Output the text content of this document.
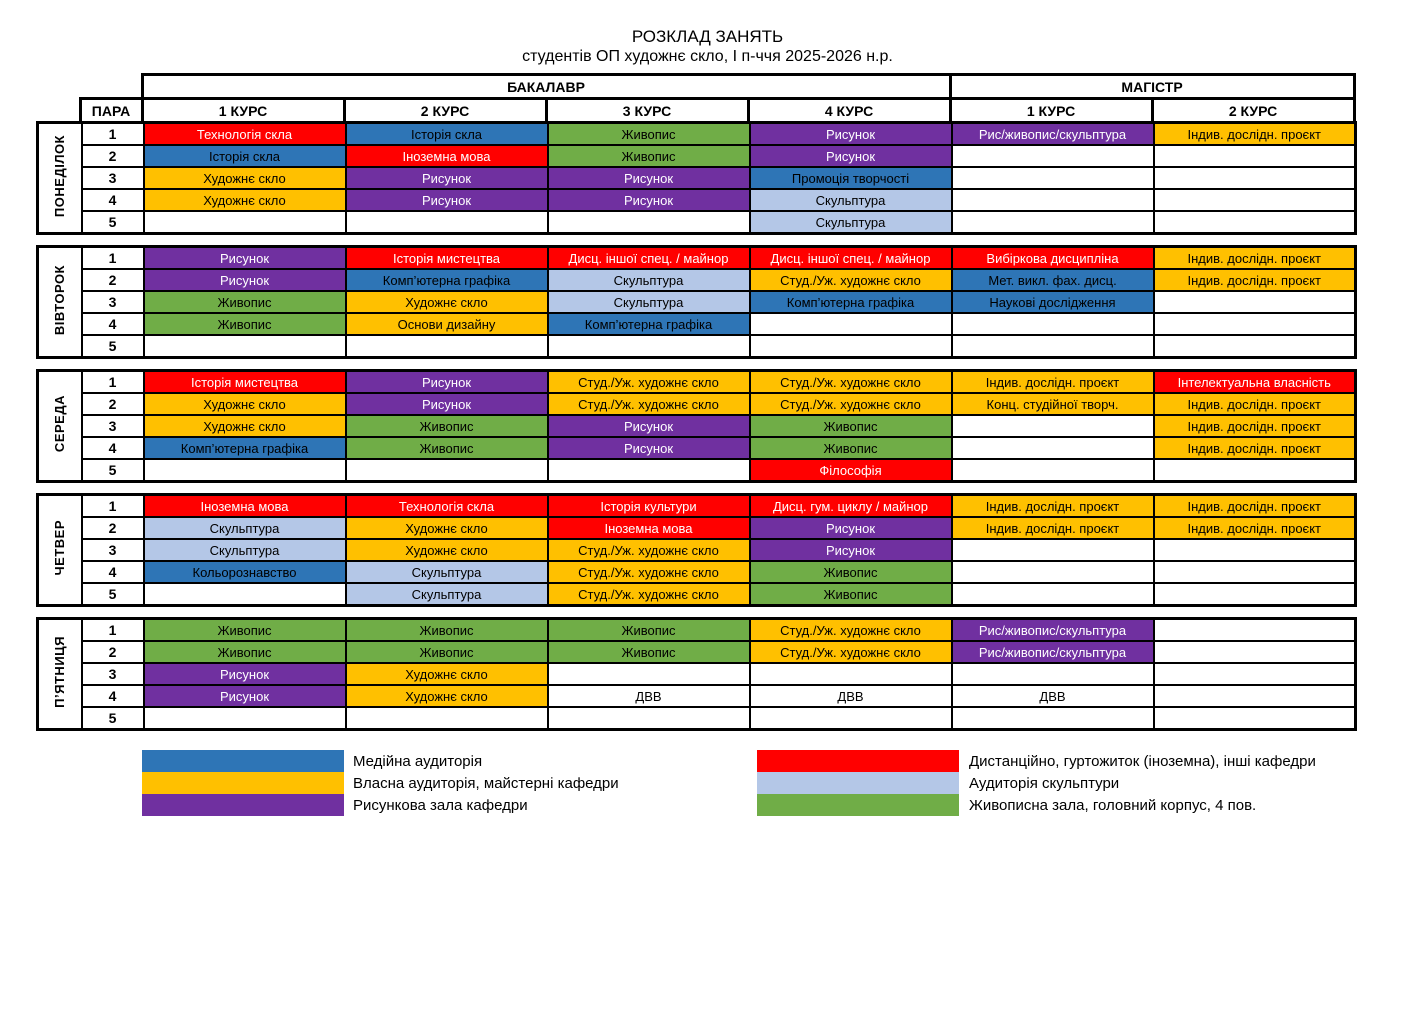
РОЗКЛАД ЗАНЯТЬ
студентів ОП художнє скло, І п-ччя 2025-2026 н.р.
		БАКАЛАВР				МАГІСТР	
	ПАРА	1 КУРС	2 КУРС	3 КУРС	4 КУРС	1 КУРС	2 КУРС
ПОНЕДІЛОК	1	Технологія скла	Історія скла	Живопис	Рисунок	Рис/живопис/скульптура	Індив. дослідн. проєкт
	2	Історія скла	Іноземна мова	Живопис	Рисунок		
	3	Художнє скло	Рисунок	Рисунок	Промоція творчості		
	4	Художнє скло	Рисунок	Рисунок	Скульптура		
	5				Скульптура		
ВІВТОРОК	1	Рисунок	Історія мистецтва	Дисц. іншої спец. / майнор	Дисц. іншої спец. / майнор	Вибіркова дисципліна	Індив. дослідн. проєкт
	2	Рисунок	Комп’ютерна графіка	Скульптура	Студ./Уж. художнє скло	Мет. викл. фах. дисц.	Індив. дослідн. проєкт
	3	Живопис	Художнє скло	Скульптура	Комп’ютерна графіка	Наукові дослідження	
	4	Живопис	Основи дизайну	Комп’ютерна графіка			
	5						
СЕРЕДА	1	Історія мистецтва	Рисунок	Студ./Уж. художнє скло	Студ./Уж. художнє скло	Індив. дослідн. проєкт	Інтелектуальна власність
	2	Художнє скло	Рисунок	Студ./Уж. художнє скло	Студ./Уж. художнє скло	Конц. студійної творч.	Індив. дослідн. проєкт
	3	Художнє скло	Живопис	Рисунок	Живопис		Індив. дослідн. проєкт
	4	Комп’ютерна графіка	Живопис	Рисунок	Живопис		Індив. дослідн. проєкт
	5				Філософія		
ЧЕТВЕР	1	Іноземна мова	Технологія скла	Історія культури	Дисц. гум. циклу / майнор	Індив. дослідн. проєкт	Індив. дослідн. проєкт
	2	Скульптура	Художнє скло	Іноземна мова	Рисунок	Індив. дослідн. проєкт	Індив. дослідн. проєкт
	3	Скульптура	Художнє скло	Студ./Уж. художнє скло	Рисунок		
	4	Кольорознавство	Скульптура	Студ./Уж. художнє скло	Живопис		
	5		Скульптура	Студ./Уж. художнє скло	Живопис		
П’ЯТНИЦЯ	1	Живопис	Живопис	Живопис	Студ./Уж. художнє скло	Рис/живопис/скульптура	
	2	Живопис	Живопис	Живопис	Студ./Уж. художнє скло	Рис/живопис/скульптура	
	3	Рисунок	Художнє скло				
	4	Рисунок	Художнє скло	ДВВ	ДВВ	ДВВ	
	5						
Медійна аудиторія	Дистанційно, гуртожиток (іноземна), інші кафедри
Власна аудиторія, майстерні кафедри	Аудиторія скульптури
Рисункова зала кафедри	Живописна зала, головний корпус, 4 пов.
